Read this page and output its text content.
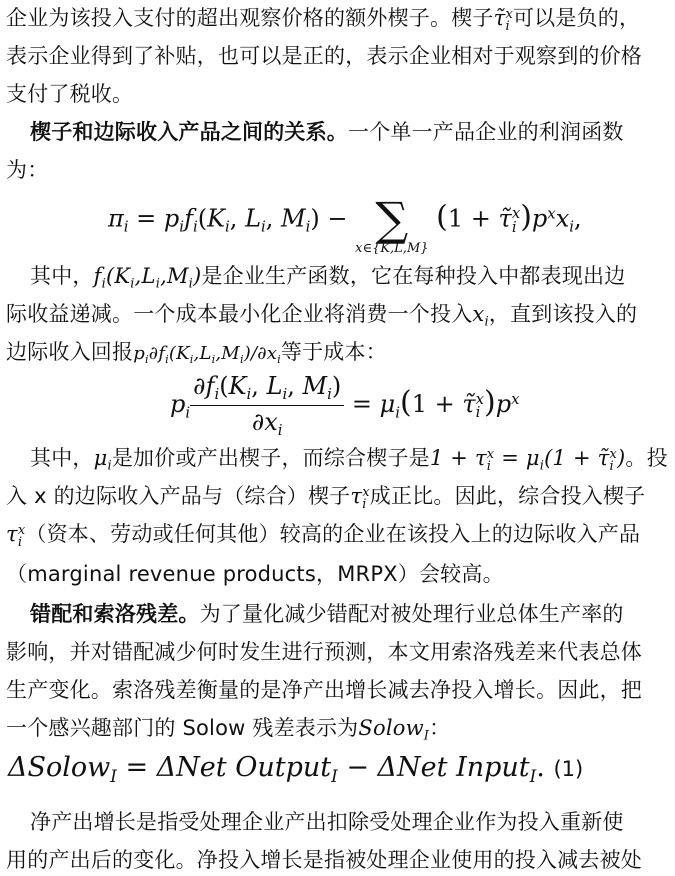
企业为该投入支付的超出观察价格的额外楔子。楔子τ̃x
i 可以是负的，
表示企业得到了补贴，也可以是正的，表示企业相对于观察到的价格
支付了税收。
楔子和边际收入产品之间的关系。一个单一产品企业的利润函数
为：
$\pi_i = p_if_i(K_i$, $L_i$, $M_i$) − ∑
x∈{K,L,M}
(1 + τ̃x
i )$p^xx_i$,
其中，$f_i(K_i,L_i,M_i)$是企业生产函数，它在每种投入中都表现出边
际收益递减。一个成本最小化企业将消费一个投入$x_i$，直到该投入的
边际收入回报$p_i\partial f_i(K_i,L_i,M_i)/\partial x_i$等于成本：
$p_i \frac{\partial f_i(K_i, L_i, M_i)}{\partial x_i} = \mu_i(1$ + τ̃x
i )$p^x$
其中，$\mu_i$是加价或产出楔子，而综合楔子是1 + τx
$i = \mu_i(1$ + τ̃x
i )。投
入 x 的边际收入产品与（综合）楔子τx
i 成正比。因此，综合投入楔子
τx
i （资本、劳动或任何其他）较高的企业在该投入上的边际收入产品
（marginal revenue products，MRPX）会较高。
错配和索洛残差。为了量化减少错配对被处理行业总体生产率的
影响，并对错配减少何时发生进行预测，本文用索洛残差来代表总体
生产变化。索洛残差衡量的是净产出增长减去净投入增长。因此，把
一个感兴趣部门的 Solow 残差表示为Solow$_I$：
ΔSolow$_I$ = ΔNet Output$_I$ − ΔNet Input$_I$. (1)
净产出增长是指受处理企业产出扣除受处理企业作为投入重新使
用的产出后的变化。净投入增长是指被处理企业使用的投入减去被处
